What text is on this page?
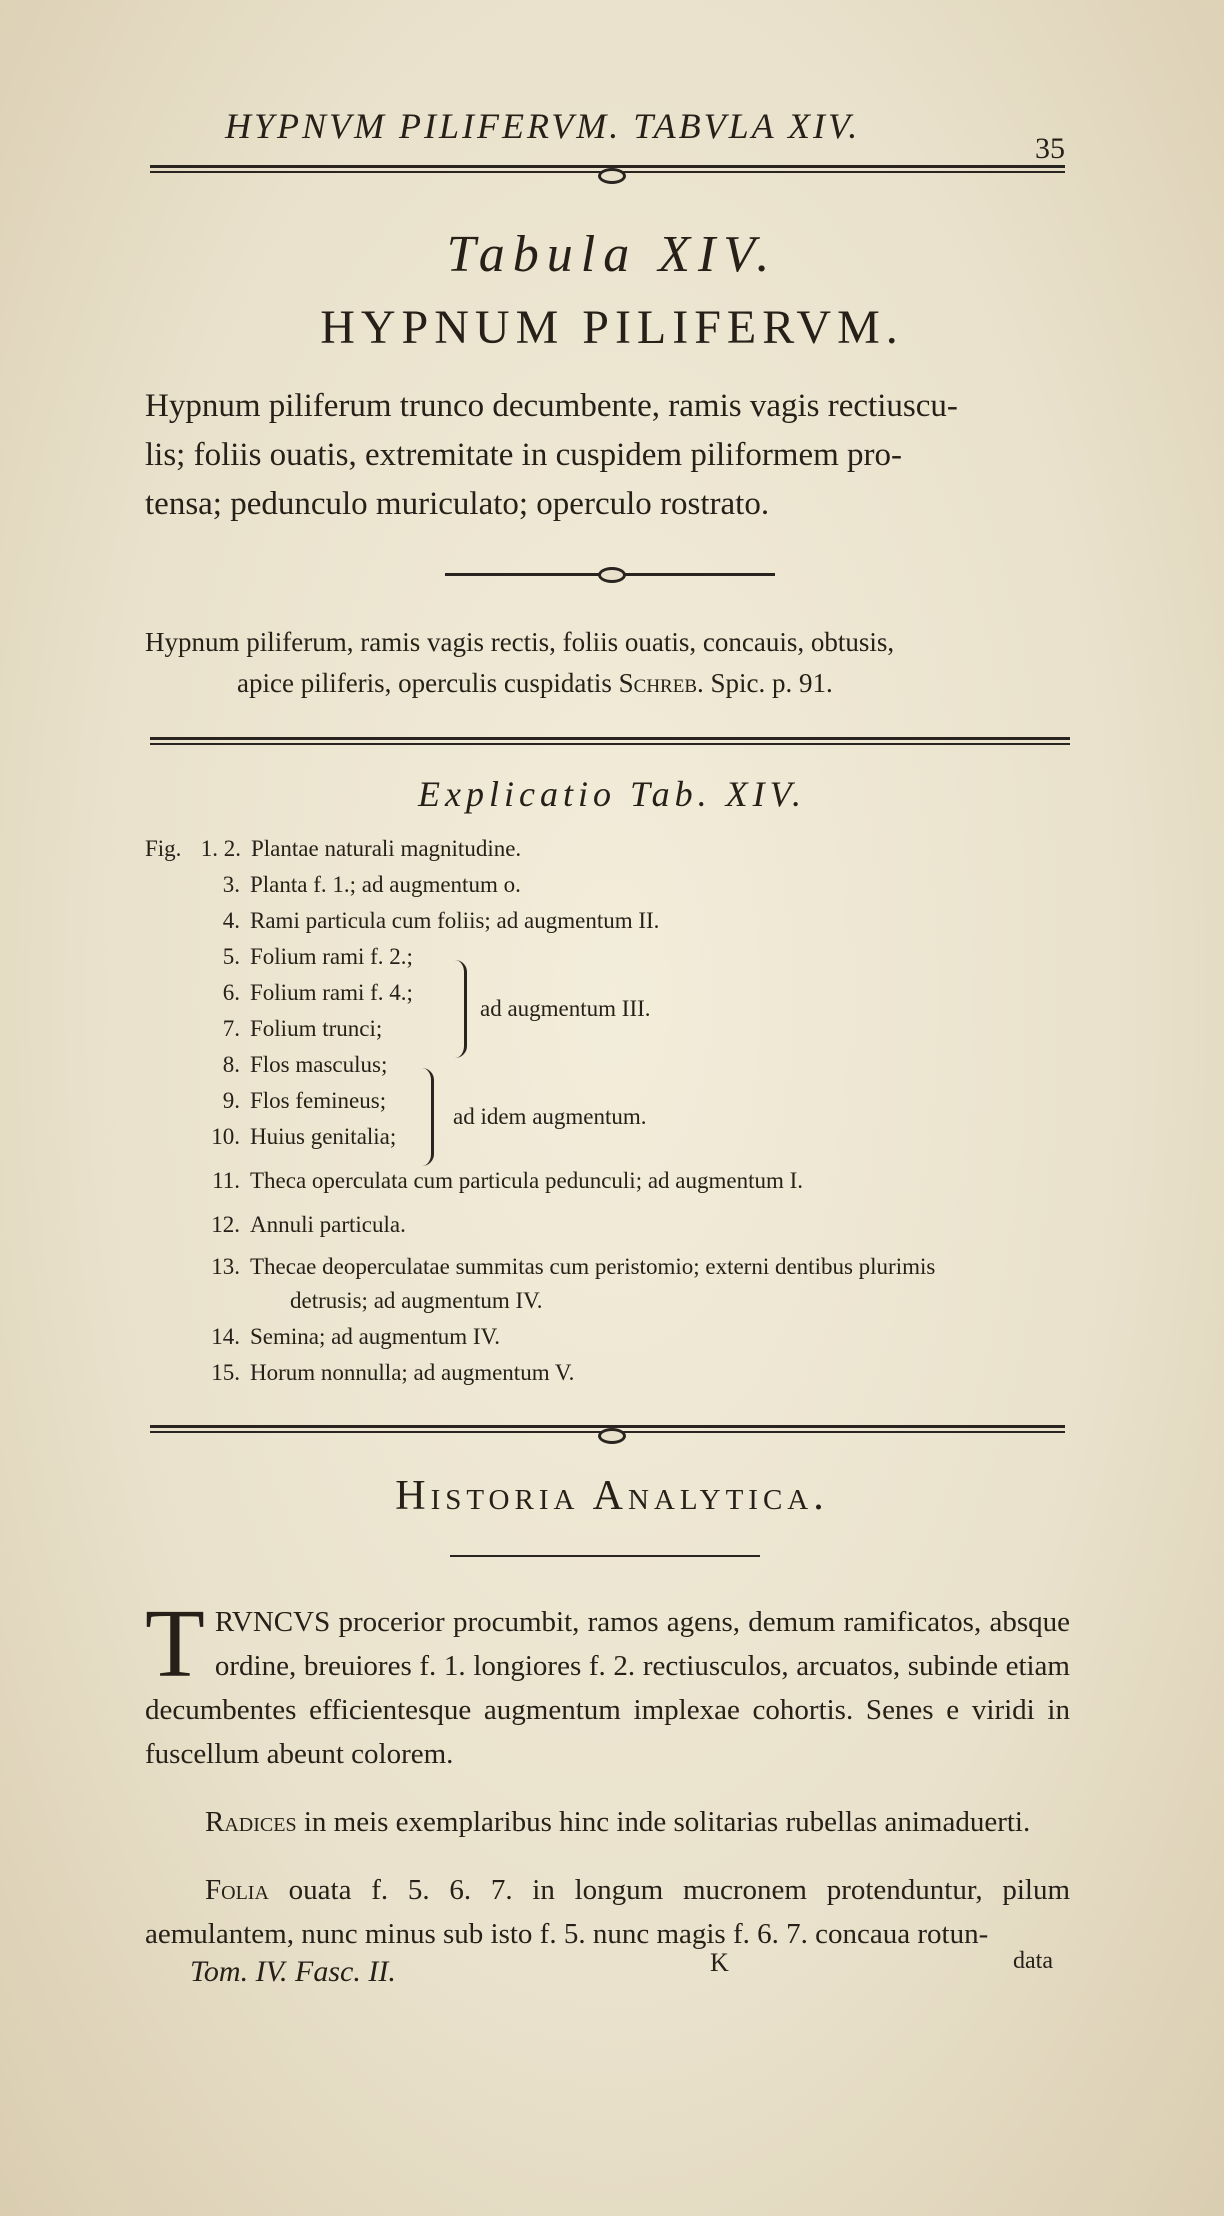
HYPNVM PILIFERVM. TABVLA XIV.
35
Tabula XIV.
HYPNUM PILIFERVM.

Hypnum piliferum trunco decumbente, ramis vagis rectiuscu-

lis; foliis ouatis, extremitate in cuspidem piliformem pro-

tensa; pedunculo muriculato; operculo rostrato.

Hypnum piliferum, ramis vagis rectis, foliis ouatis, concauis, obtusis,

apice piliferis, operculis cuspidatis Schreb. Spic. p. 91.

Explicatio Tab. XIV.
Fig. 1. 2. Plantae naturali magnitudine.
3. Planta f. 1.; ad augmentum o.
4. Rami particula cum foliis; ad augmentum II.
5. Folium rami f. 2.;
6. Folium rami f. 4.;
7. Folium trunci;
8. Flos masculus;
9. Flos femineus;
10. Huius genitalia;
11. Theca operculata cum particula pedunculi; ad augmentum I.
12. Annuli particula.
13. Thecae deoperculatae summitas cum peristomio; externi dentibus plurimis
detrusis; ad augmentum IV.
14. Semina; ad augmentum IV.
15. Horum nonnulla; ad augmentum V.
ad augmentum III.
ad idem augmentum.
Historia Analytica.

TRVNCVS procerior procumbit, ramos agens, demum ramificatos, absque ordine, breuiores f. 1. longiores f. 2. rectiusculos, arcuatos, subinde etiam decumbentes efficientesque augmentum implexae cohortis. Senes e viridi in fuscellum abeunt colorem.

Radices in meis exemplaribus hinc inde solitarias rubellas animaduerti.

Folia ouata f. 5. 6. 7. in longum mucronem protenduntur, pilum aemulantem, nunc minus sub isto f. 5. nunc magis f. 6. 7. concaua rotun-

Tom. IV. Fasc. II.	K	data
